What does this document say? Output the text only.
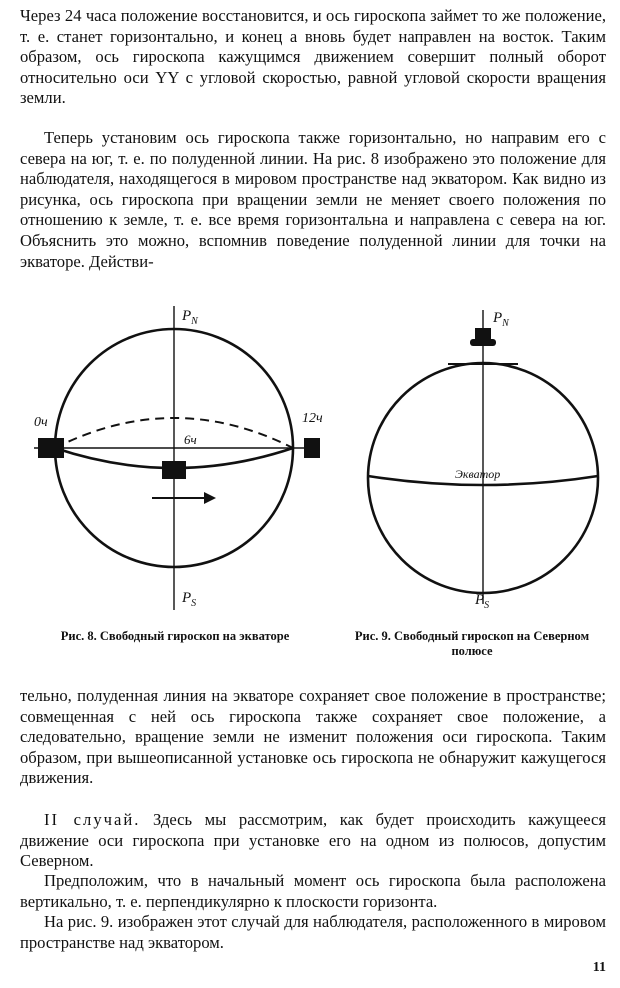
Через 24 часа положение восстановится, и ось гироскопа займет то же положение, т. е. станет горизонтально, и конец a вновь будет направлен на восток. Таким образом, ось гироскопа кажущимся движением совершит полный оборот относительно оси YY с угловой скоростью, равной угловой скорости вращения земли.

Теперь установим ось гироскопа также горизонтально, но направим его с севера на юг, т. е. по полуденной линии. На рис. 8 изображено это положение для наблюдателя, находящегося в мировом пространстве над экватором. Как видно из рисунка, ось гироскопа при вращении земли не меняет своего положения по отношению к земле, т. е. все время горизонтальна и направлена с севера на юг. Объяснить это можно, вспомнив поведение полуденной линии для точки на экваторе. Действи-

$P_N$
$P_S$
0ч	12ч
6ч

Рис. 8. Свободный гироскоп на экваторе

$P_N$
$P_S$
Экватор

Рис. 9. Свободный гироскоп на Северном полюсе

тельно, полуденная линия на экваторе сохраняет свое положение в пространстве; совмещенная с ней ось гироскопа также сохраняет свое положение, а следовательно, вращение земли не изменит положения оси гироскопа. Таким образом, при вышеописанной установке ось гироскопа не обнаружит кажущегося движения.

II случай. Здесь мы рассмотрим, как будет происходить кажущееся движение оси гироскопа при установке его на одном из полюсов, допустим Северном.

Предположим, что в начальный момент ось гироскопа была расположена вертикально, т. е. перпендикулярно к плоскости горизонта.

На рис. 9. изображен этот случай для наблюдателя, расположенного в мировом пространстве над экватором.

11
